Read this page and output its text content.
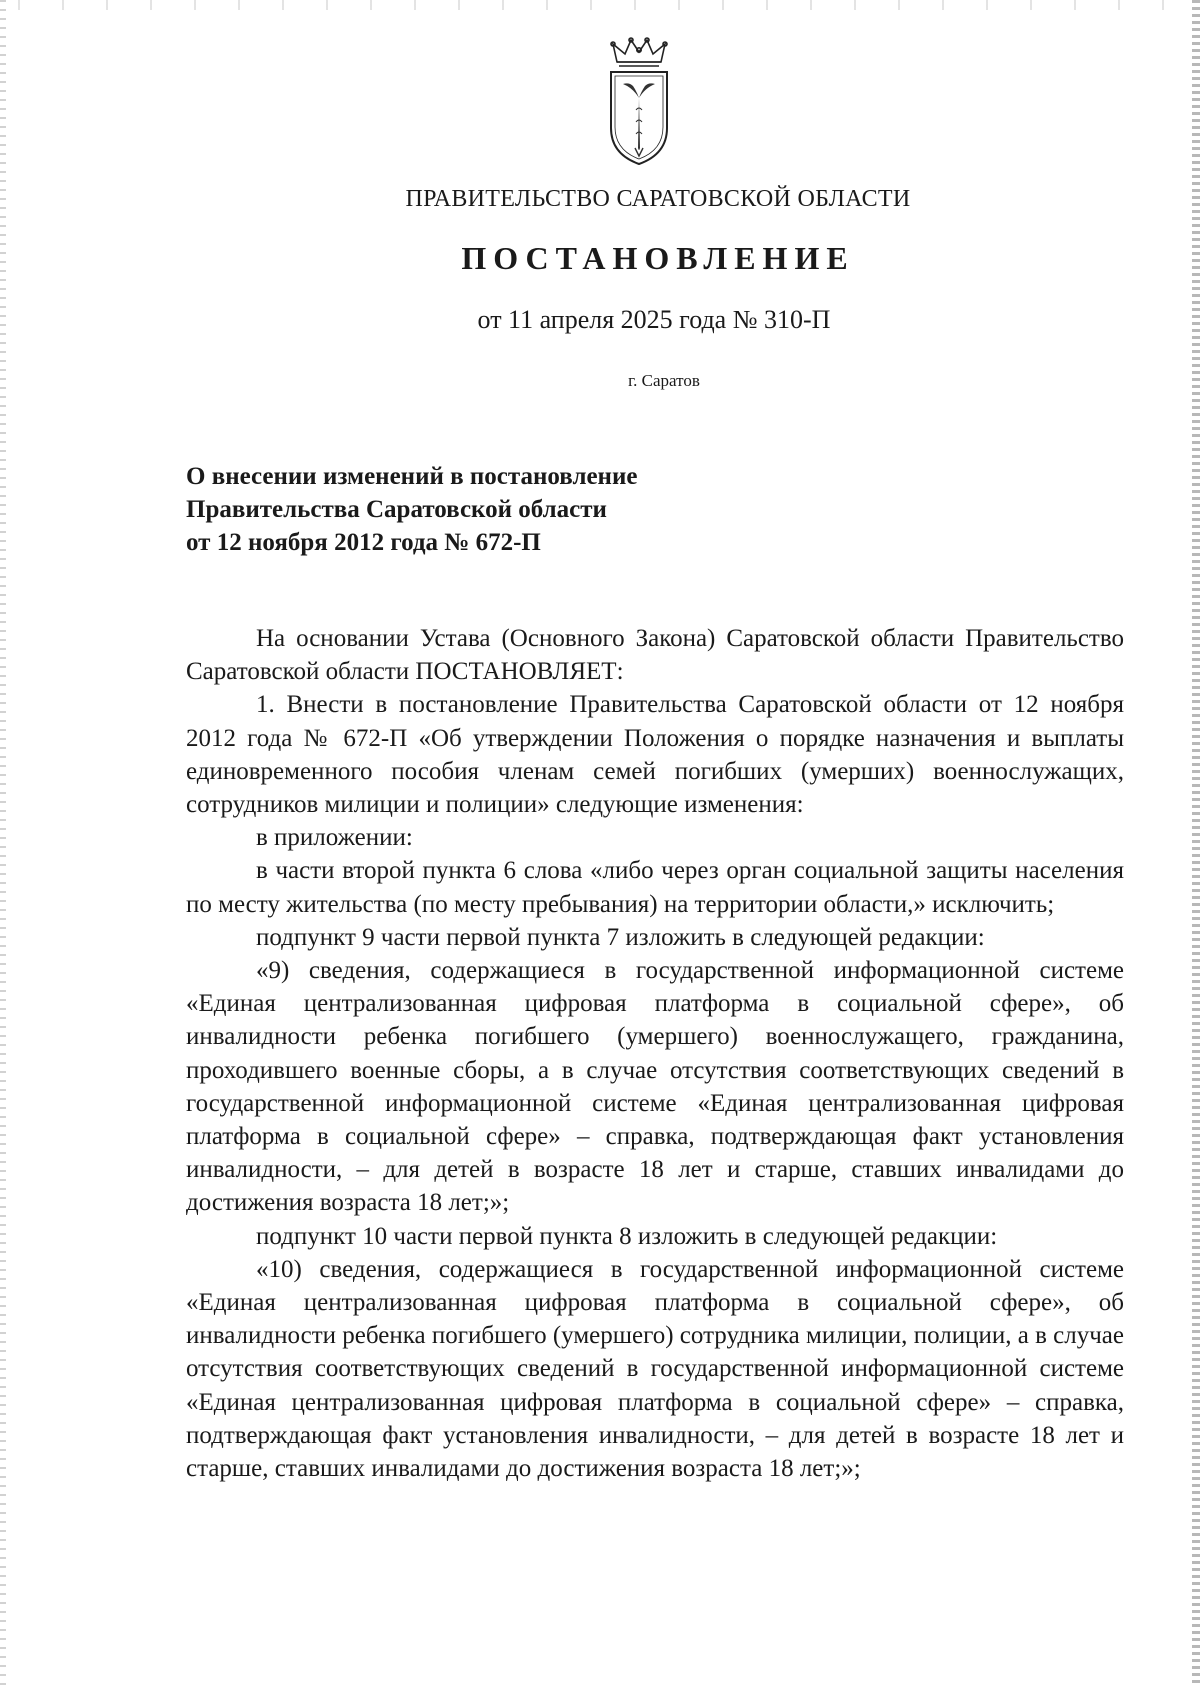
ПРАВИТЕЛЬСТВО САРАТОВСКОЙ ОБЛАСТИ
ПОСТАНОВЛЕНИЕ
от 11 апреля 2025 года № 310-П
г. Саратов
О внесении изменений в постановление
Правительства Саратовской области
от 12 ноября 2012 года № 672-П

На основании Устава (Основного Закона) Саратовской области Правительство Саратовской области ПОСТАНОВЛЯЕТ:

1. Внести в постановление Правительства Саратовской области от 12 ноября 2012 года № 672-П «Об утверждении Положения о порядке назначения и выплаты единовременного пособия членам семей погибших (умерших) военнослужащих, сотрудников милиции и полиции» следующие изменения:

в приложении:

в части второй пункта 6 слова «либо через орган социальной защиты населения по месту жительства (по месту пребывания) на территории области,» исключить;

подпункт 9 части первой пункта 7 изложить в следующей редакции:

«9) сведения, содержащиеся в государственной информационной системе «Единая централизованная цифровая платформа в социальной сфере», об инвалидности ребенка погибшего (умершего) военнослужащего, гражданина, проходившего военные сборы, а в случае отсутствия соответствующих сведений в государственной информационной системе «Единая централизованная цифровая платформа в социальной сфере» – справка, подтверждающая факт установления инвалидности, – для детей в возрасте 18 лет и старше, ставших инвалидами до достижения возраста 18 лет;»;

подпункт 10 части первой пункта 8 изложить в следующей редакции:

«10) сведения, содержащиеся в государственной информационной системе «Единая централизованная цифровая платформа в социальной сфере», об инвалидности ребенка погибшего (умершего) сотрудника милиции, полиции, а в случае отсутствия соответствующих сведений в государственной информационной системе «Единая централизованная цифровая платформа в социальной сфере» – справка, подтверждающая факт установления инвалидности, – для детей в возрасте 18 лет и старше, ставших инвалидами до достижения возраста 18 лет;»;
